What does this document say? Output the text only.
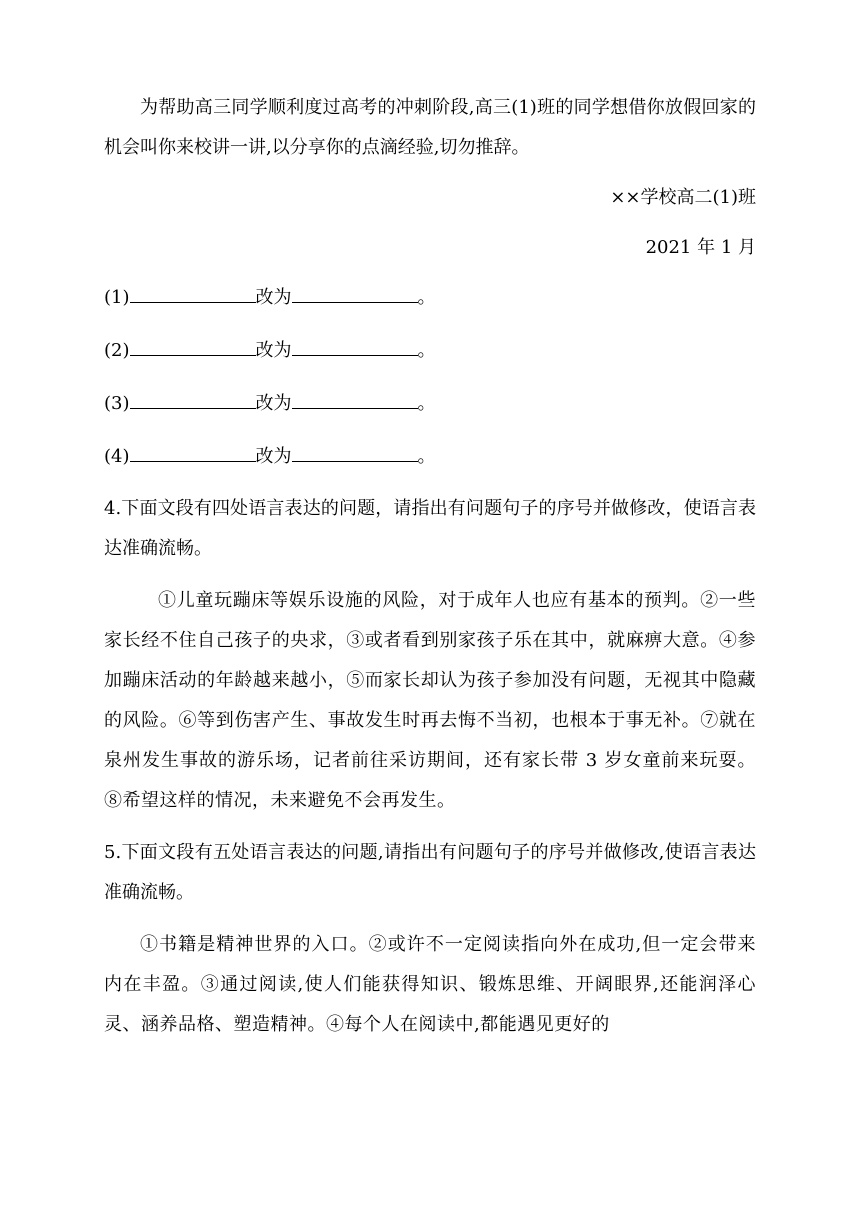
为帮助高三同学顺利度过高考的冲刺阶段,高三(1)班的同学想借你放假回家的机会叫你来校讲一讲,以分享你的点滴经验,切勿推辞。

××学校高二(1)班

2021 年 1 月

(1)	改为	。

(2)	改为	。

(3)	改为	。

(4)	改为	。

4.下面文段有四处语言表达的问题，请指出有问题句子的序号并做修改，使语言表达准确流畅。

①儿童玩蹦床等娱乐设施的风险，对于成年人也应有基本的预判。②一些家长经不住自己孩子的央求，③或者看到别家孩子乐在其中，就麻痹大意。④参加蹦床活动的年龄越来越小，⑤而家长却认为孩子参加没有问题，无视其中隐藏的风险。⑥等到伤害产生、事故发生时再去悔不当初，也根本于事无补。⑦就在泉州发生事故的游乐场，记者前往采访期间，还有家长带 3 岁女童前来玩耍。⑧希望这样的情况，未来避免不会再发生。

5.下面文段有五处语言表达的问题,请指出有问题句子的序号并做修改,使语言表达准确流畅。

①书籍是精神世界的入口。②或许不一定阅读指向外在成功,但一定会带来内在丰盈。③通过阅读,使人们能获得知识、锻炼思维、开阔眼界,还能润泽心灵、涵养品格、塑造精神。④每个人在阅读中,都能遇见更好的
